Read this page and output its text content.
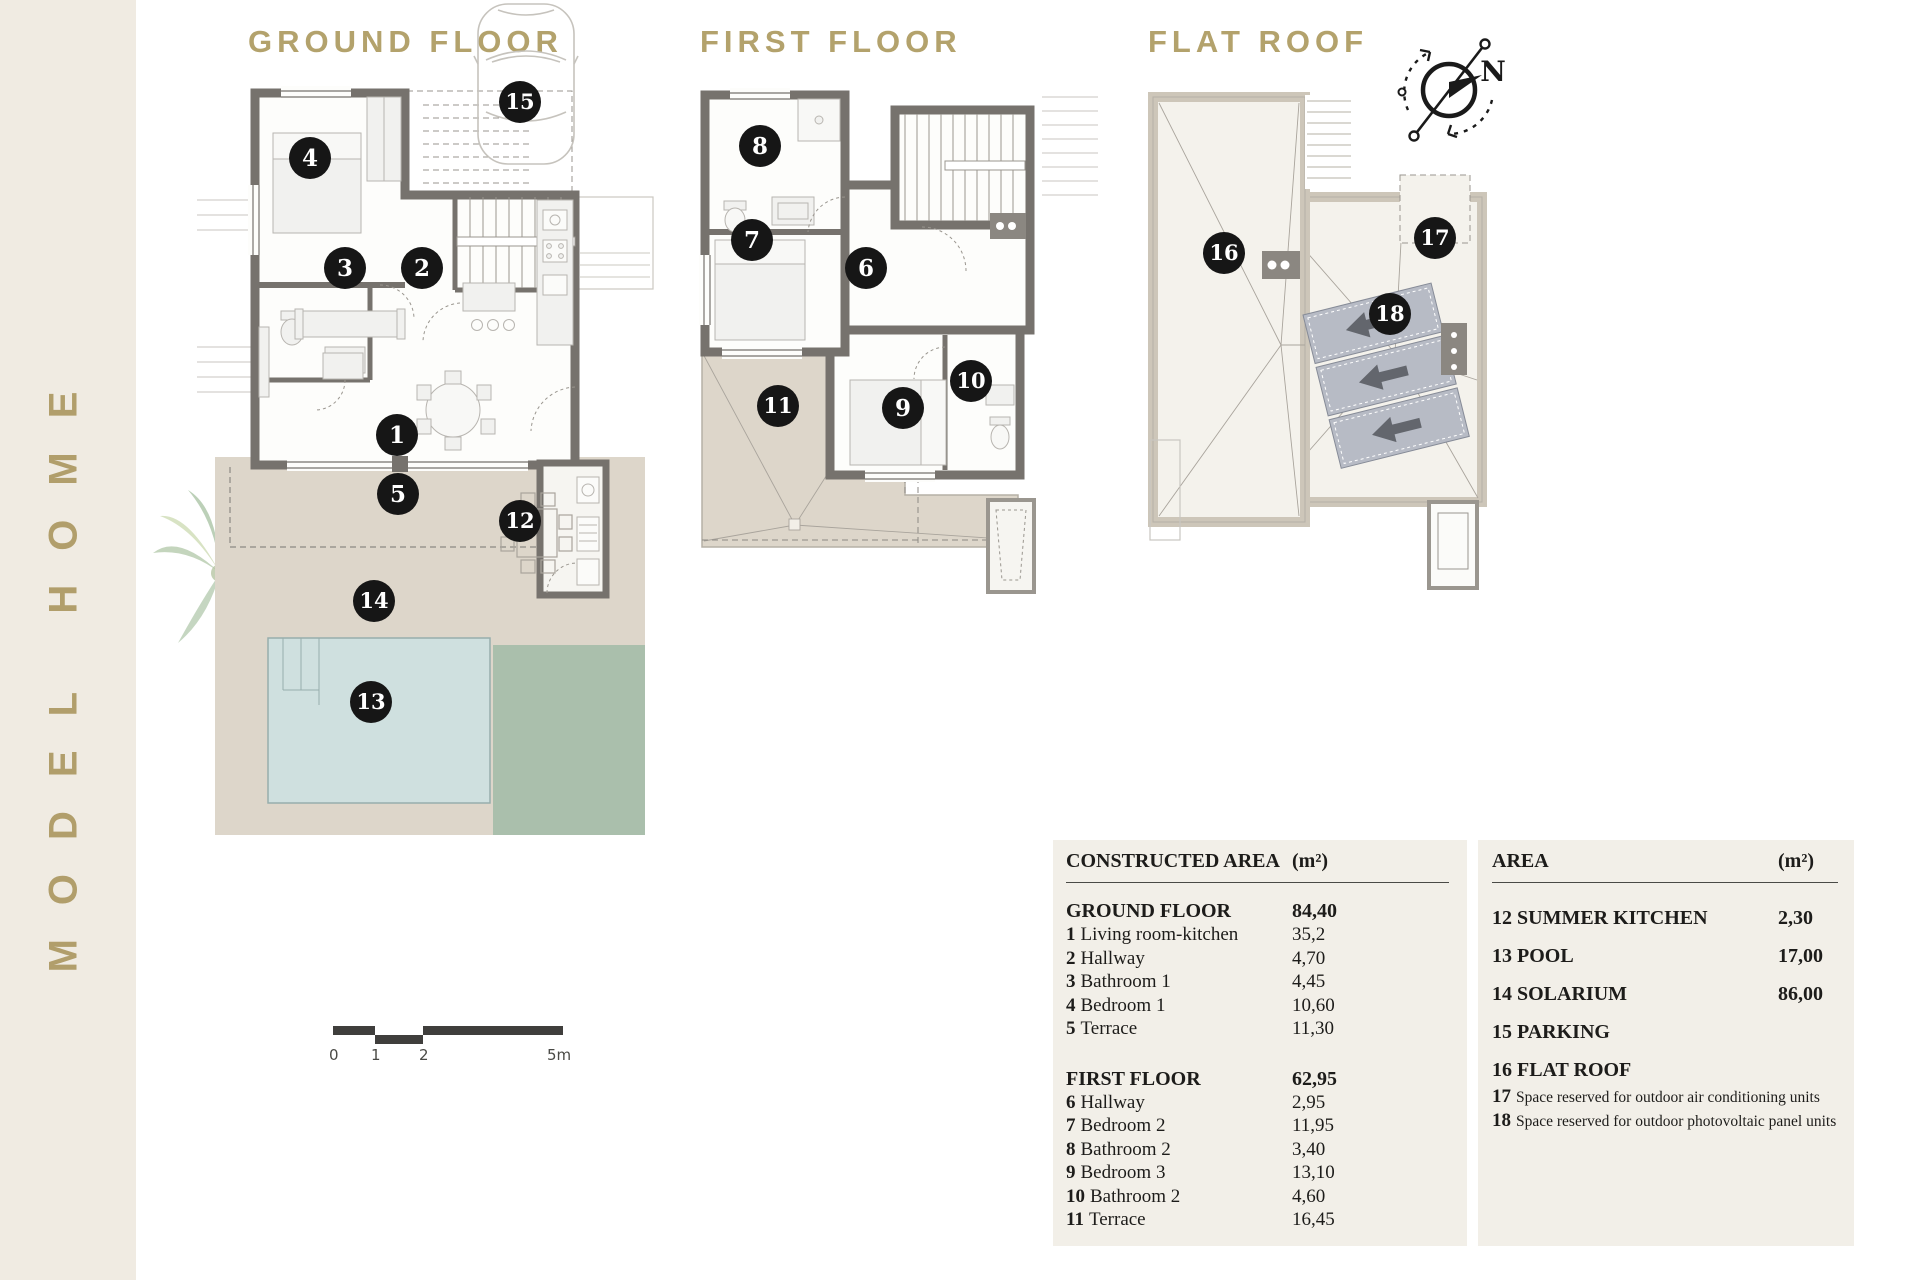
MODEL HOME
GROUND FLOOR	FIRST FLOOR	FLAT ROOF
4
3	2
1
5
12
14
13
15
8
7
6
9
10
11
16
17
18
N
0 1	2	5m
CONSTRUCTED AREA (m²)
GROUND FLOOR	84,40
1 Living room-kitchen	35,2
2 Hallway	4,70
3 Bathroom 1	4,45
4 Bedroom 1	10,60
5 Terrace	11,30
FIRST FLOOR	62,95
6 Hallway	2,95
7 Bedroom 2	11,95
8 Bathroom 2	3,40
9 Bedroom 3	13,10
10 Bathroom 2	4,60
11 Terrace	16,45
AREA	(m²)
12 SUMMER KITCHEN	2,30
13 POOL	17,00
14 SOLARIUM	86,00
15 PARKING
16 FLAT ROOF
17 Space reserved for outdoor air conditioning units
18 Space reserved for outdoor photovoltaic panel units
